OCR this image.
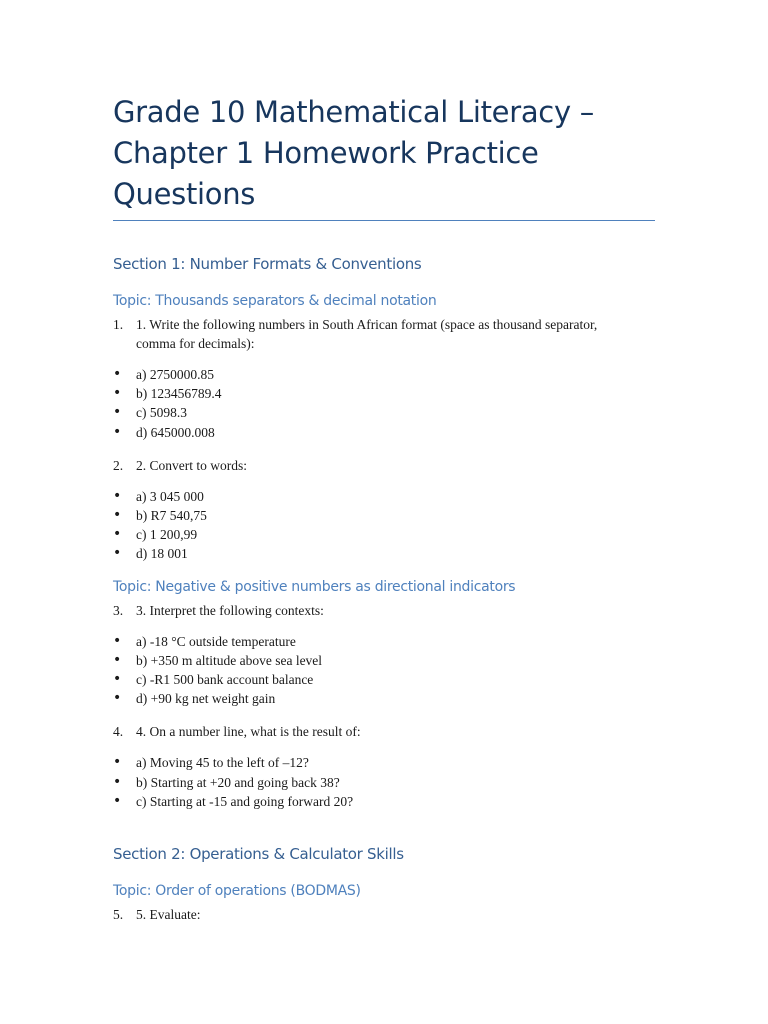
Grade 10 Mathematical Literacy –
Chapter 1 Homework Practice
Questions
Section 1: Number Formats & Conventions
Topic: Thousands separators & decimal notation
1. 1. Write the following numbers in South African format (space as thousand separator,
comma for decimals):
• a) 2750000.85
• b) 123456789.4
• c) 5098.3
• d) 645000.008
2. 2. Convert to words:
• a) 3 045 000
• b) R7 540,75
• c) 1 200,99
• d) 18 001
Topic: Negative & positive numbers as directional indicators
3. 3. Interpret the following contexts:
• a) -18 °C outside temperature
• b) +350 m altitude above sea level
• c) -R1 500 bank account balance
• d) +90 kg net weight gain
4. 4. On a number line, what is the result of:
• a) Moving 45 to the left of –12?
• b) Starting at +20 and going back 38?
• c) Starting at -15 and going forward 20?
Section 2: Operations & Calculator Skills
Topic: Order of operations (BODMAS)
5. 5. Evaluate:
